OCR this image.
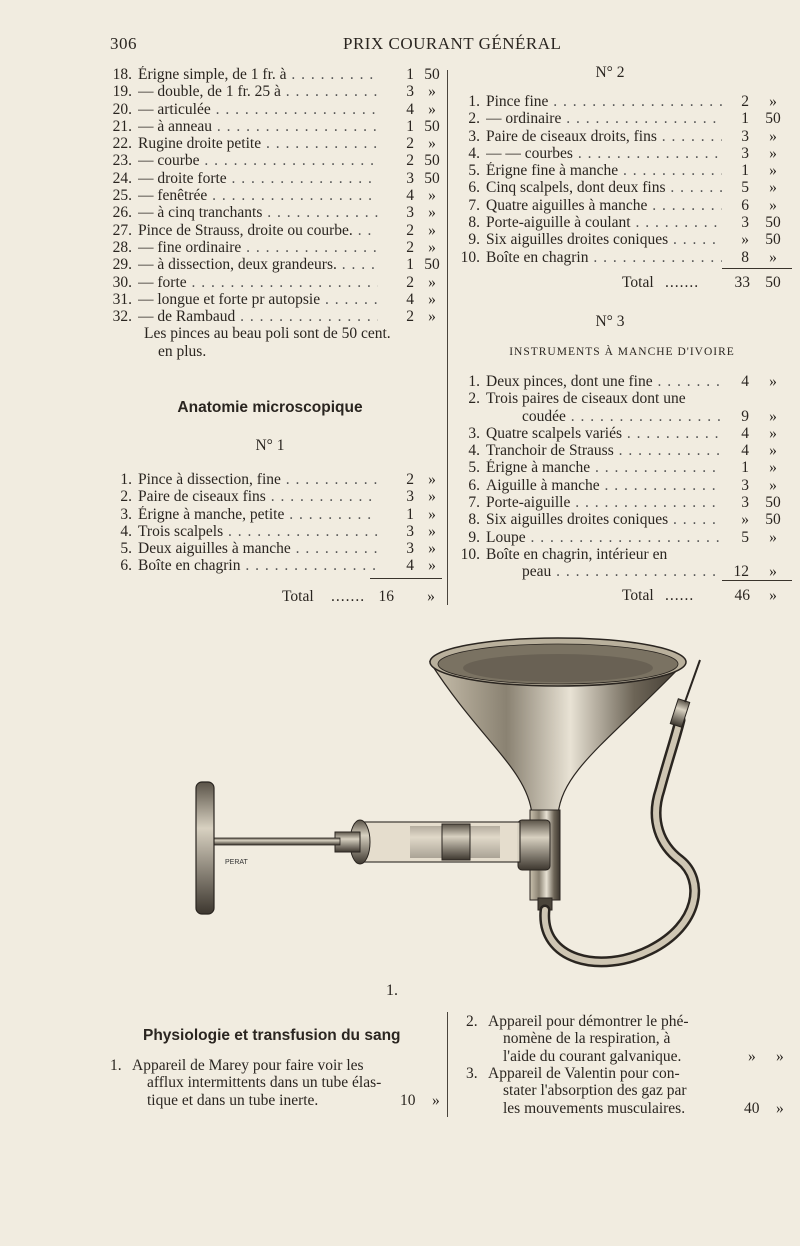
306	PRIX COURANT GÉNÉRAL
18. Érigne simple, de 1 fr. à . . .	1 50
19. — double, de 1 fr. 25 à . . .	3 »
20. — articulée . . .	4 »
21. — à anneau . . .	1 50
22. Rugine droite petite . . .	2 »
23. — courbe . . .	2 50
24. — droite forte . . .	3 50
25. — fenêtrée . . .	4 »
26. — à cinq tranchants . . .	3 »
27. Pince de Strauss, droite ou courbe. . . .	2 »
28. — fine ordinaire . . .	2 »
29. — à dissection, deux grandeurs. . . .	1 50
30. — forte . . .	2 »
31. — longue et forte pr autopsie . . .	4 »
32. — de Rambaud . . .	2 »
Les pinces au beau poli sont de 50 cent.
en plus.
Anatomie microscopique
N° 1
1. Pince à dissection, fine . . .	2 »
2. Paire de ciseaux fins . . .	3 »
3. Érigne à manche, petite . . .	1 »
4. Trois scalpels . . .	3 »
5. Deux aiguilles à manche . . .	3 »
6. Boîte en chagrin . . .	4 »
Total ....... 16	»
N° 2
1. Pince fine . . .	2	»
2. — ordinaire . . .	1	50
3. Paire de ciseaux droits, fins . . .	3	»
4. — — courbes . . .	3	»
5. Érigne fine à manche . . .	1	»
6. Cinq scalpels, dont deux fins . . .	5	»
7. Quatre aiguilles à manche . . .	6	»
8. Porte-aiguille à coulant . . .	3	50
9. Six aiguilles droites coniques . . .	»	50
10. Boîte en chagrin . . .	8	»
Total .......	33 50
N° 3
INSTRUMENTS À MANCHE D'IVOIRE
1. Deux pinces, dont une fine . . .	4	»
2. Trois paires de ciseaux dont une
coudée . . .	9	»
3. Quatre scalpels variés . . .	4	»
4. Tranchoir de Strauss . . .	4	»
5. Érigne à manche . . .	1	»
6. Aiguille à manche . . .	3	»
7. Porte-aiguille . . .	3	50
8. Six aiguilles droites coniques . . .	»	50
9. Loupe . . .	5	»
10. Boîte en chagrin, intérieur en
peau . . .	12	»
Total ......	46	»
PERAT
1.
Physiologie et transfusion du sang
1. Appareil de Marey pour faire voir les
afflux intermittents dans un tube élas-
tique et dans un tube inerte.	10 »
2. Appareil pour démontrer le phé-
nomène de la respiration, à
l'aide du courant galvanique.	» »
3. Appareil de Valentin pour con-
stater l'absorption des gaz par
les mouvements musculaires.	40 »
